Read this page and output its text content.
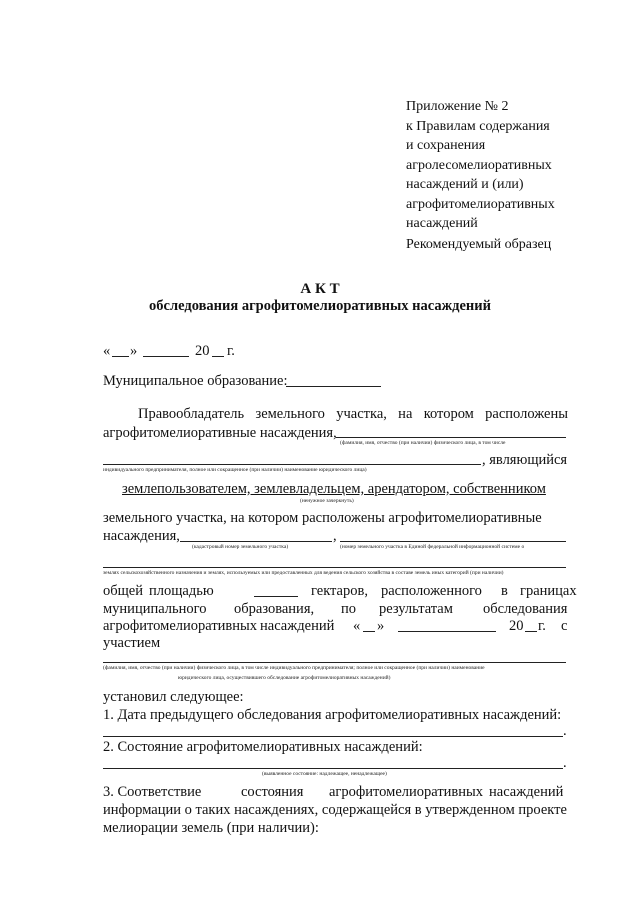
Приложение № 2
к Правилам содержания
и сохранения
агролесомелиоративных
насаждений и (или)
агрофитомелиоративных
насаждений
Рекомендуемый образец
А К Т
обследования агрофитомелиоративных насаждений
« »	20 г.
Муниципальное образование:
Правообладатель земельного участка, на котором расположены
агрофитомелиоративные насаждения,
(фамилия, имя, отчество (при наличии) физического лица, в том числе
, являющийся
индивидуального предпринимателя, полное или сокращенное (при наличии) наименование юридического лица)
землепользователем, землевладельцем, арендатором, собственником
(ненужное зачеркнуть)
земельного участка, на котором расположены агрофитомелиоративные
насаждения,	,
(кадастровый номер земельного участка)	(номер земельного участка в Единой федеральной информационной системе о
землях сельскохозяйственного назначения и землях, используемых или предоставленных для ведения сельского хозяйства в составе земель иных категорий (при наличии)
общей площадью	гектаров, расположенного в границах
муниципального образования, по результатам обследования
агрофитомелиоративных насаждений « »	20 г. с
участием
(фамилия, имя, отчество (при наличии) физического лица, в том числе индивидуального предпринимателя; полное или сокращенное (при наличии) наименование
юридического лица, осуществившего обследование агрофитомелиоративных насаждений)
установил следующее:
1. Дата предыдущего обследования агрофитомелиоративных насаждений:
.
2. Состояние агрофитомелиоративных насаждений:
.
(выявленное состояние: надлежащее, ненадлежащее)
3. Соответствие	состояния агрофитомелиоративных насаждений
информации о таких насаждениях, содержащейся в утвержденном проекте
мелиорации земель (при наличии):
